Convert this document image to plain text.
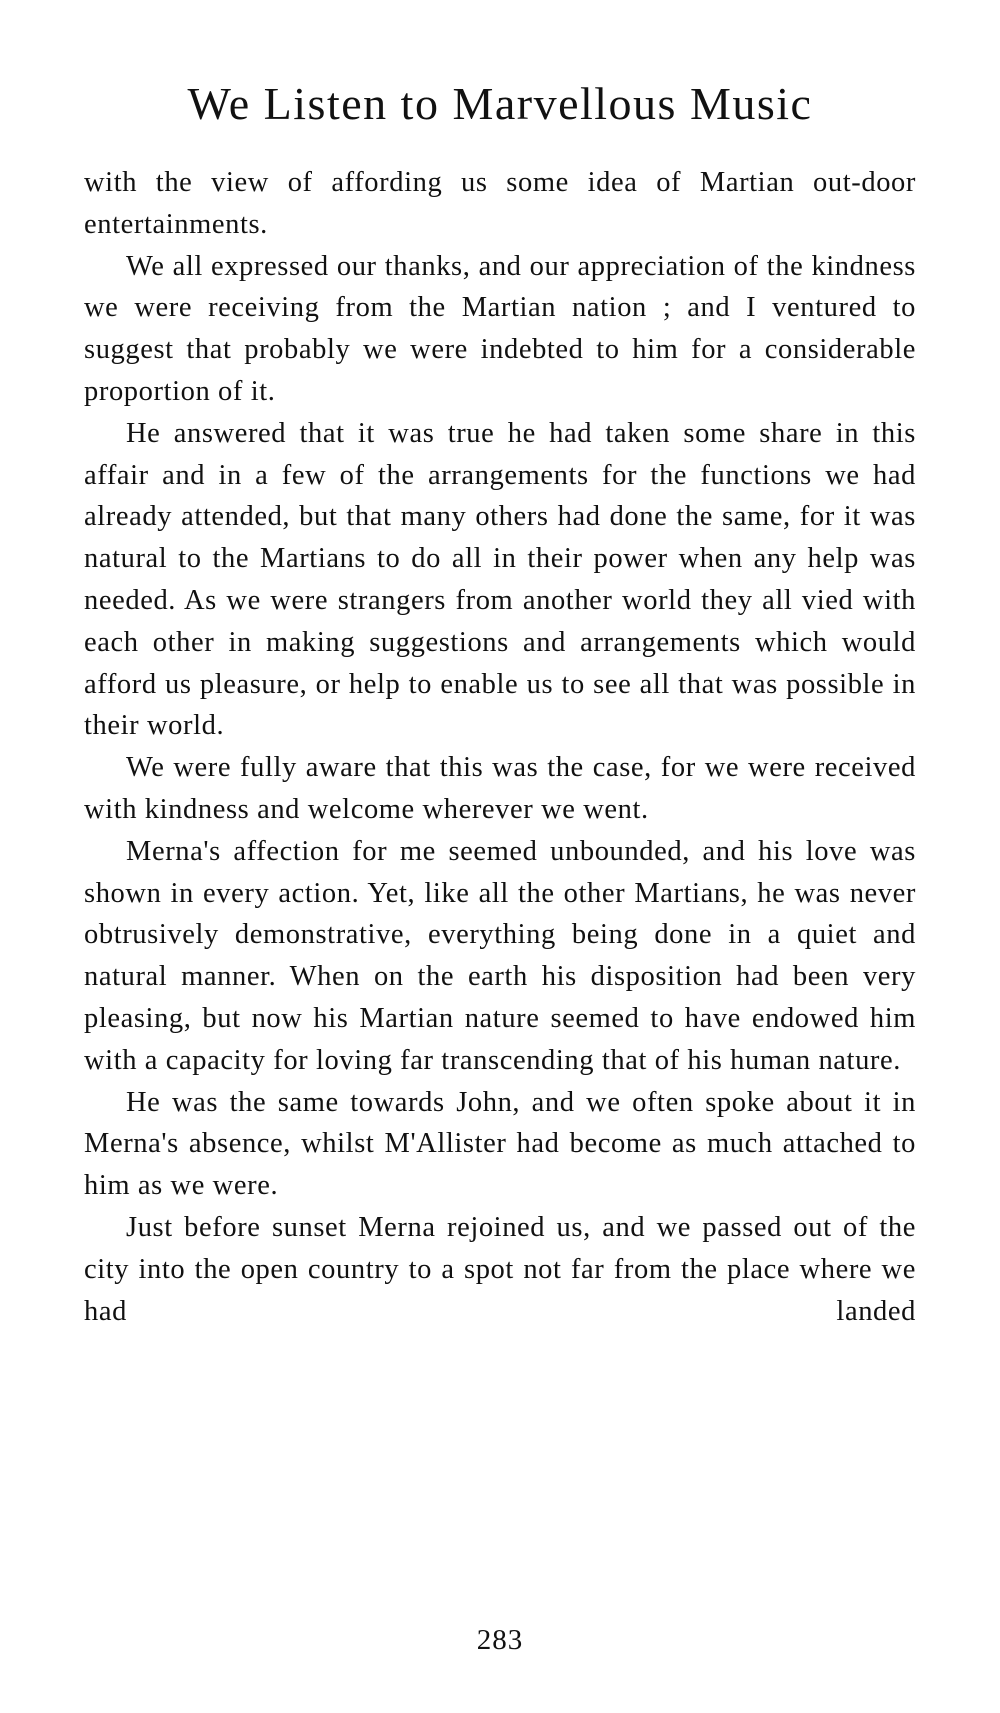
We Listen to Marvellous Music

with the view of affording us some idea of Martian out-door entertainments.

We all expressed our thanks, and our appreciation of the kindness we were receiving from the Martian nation ; and I ventured to suggest that probably we were indebted to him for a considerable proportion of it.

He answered that it was true he had taken some share in this affair and in a few of the arrangements for the functions we had already attended, but that many others had done the same, for it was natural to the Martians to do all in their power when any help was needed. As we were strangers from another world they all vied with each other in making suggestions and arrangements which would afford us pleasure, or help to enable us to see all that was possible in their world.

We were fully aware that this was the case, for we were received with kindness and welcome wherever we went.

Merna's affection for me seemed unbounded, and his love was shown in every action. Yet, like all the other Martians, he was never obtrusively demonstrative, everything being done in a quiet and natural manner. When on the earth his disposition had been very pleasing, but now his Martian nature seemed to have endowed him with a capacity for loving far transcending that of his human nature.

He was the same towards John, and we often spoke about it in Merna's absence, whilst M'Allister had become as much attached to him as we were.

Just before sunset Merna rejoined us, and we passed out of the city into the open country to a spot not far from the place where we had landed

283
